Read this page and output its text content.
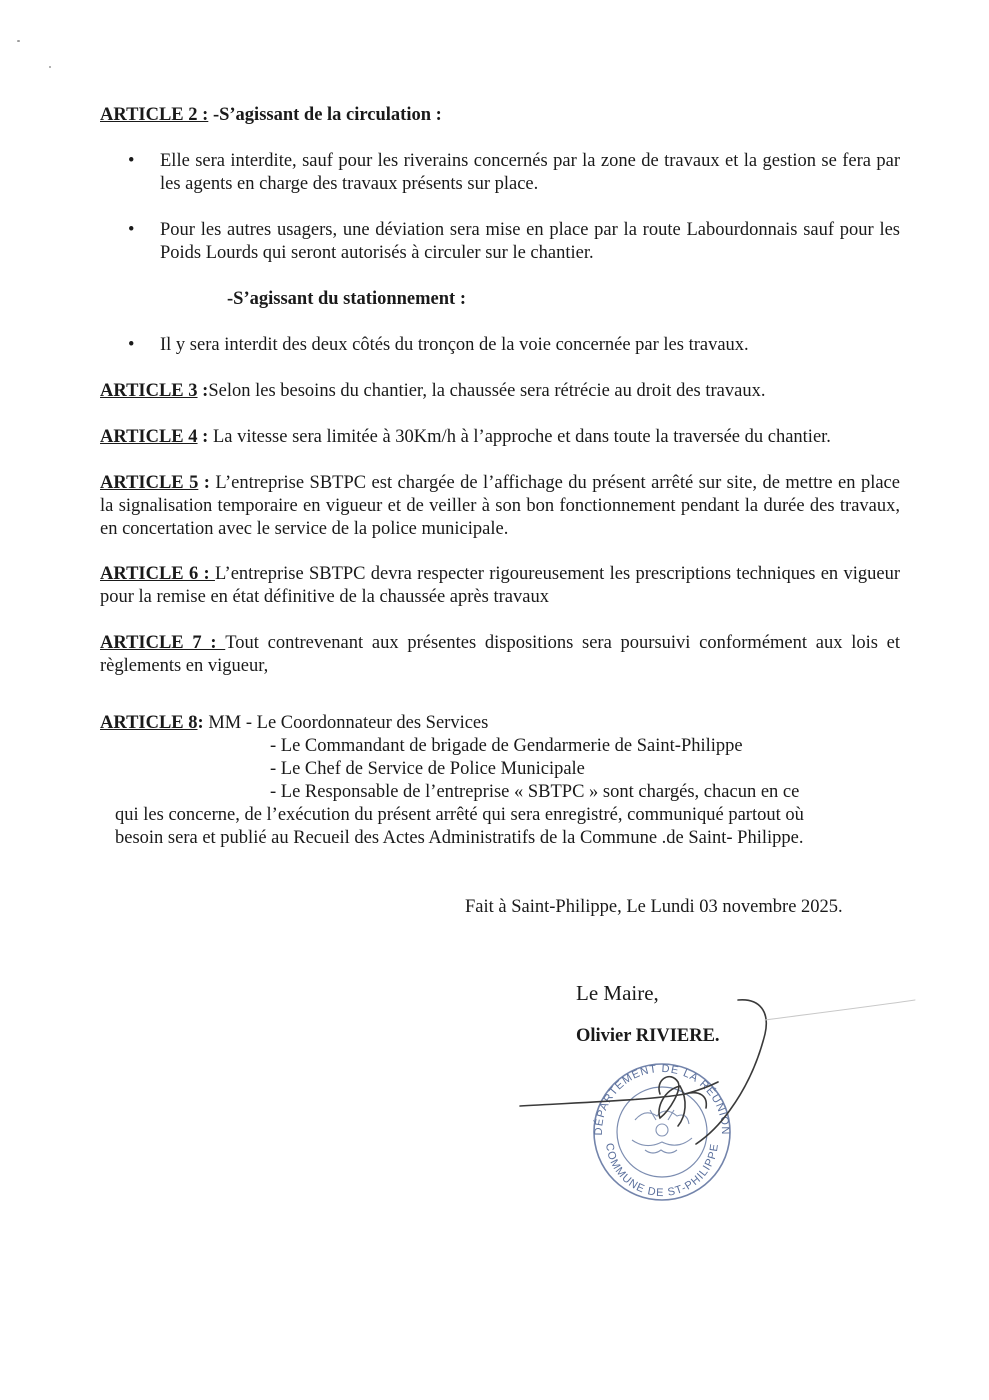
ARTICLE 2 : -S’agissant de la circulation :
• Elle sera interdite, sauf pour les riverains concernés par la zone de travaux et la gestion se fera par les agents en charge des travaux présents sur place.
• Pour les autres usagers, une déviation sera mise en place par la route Labourdonnais sauf pour les Poids Lourds qui seront autorisés à circuler sur le chantier.
-S’agissant du stationnement :
• Il y sera interdit des deux côtés du tronçon de la voie concernée par les travaux.
ARTICLE 3 :Selon les besoins du chantier, la chaussée sera rétrécie au droit des travaux.
ARTICLE 4 : La vitesse sera limitée à 30Km/h à l’approche et dans toute la traversée du chantier.
ARTICLE 5 : L’entreprise SBTPC est chargée de l’affichage du présent arrêté sur site, de mettre en place la signalisation temporaire en vigueur et de veiller à son bon fonctionnement pendant la durée des travaux, en concertation avec le service de la police municipale.
ARTICLE 6 : L’entreprise SBTPC devra respecter rigoureusement les prescriptions techniques en vigueur pour la remise en état définitive de la chaussée après travaux
ARTICLE 7 : Tout contrevenant aux présentes dispositions sera poursuivi conformément aux lois et règlements en vigueur,
ARTICLE 8: MM - Le Coordonnateur des Services
- Le Commandant de brigade de Gendarmerie de Saint-Philippe
- Le Chef de Service de Police Municipale
- Le Responsable de l’entreprise « SBTPC » sont chargés, chacun en ce
qui les concerne, de l’exécution du présent arrêté qui sera enregistré, communiqué partout où
besoin sera et publié au Recueil des Actes Administratifs de la Commune .de Saint- Philippe.
Fait à Saint-Philippe, Le Lundi 03 novembre 2025.
Le Maire,
Olivier RIVIERE.
DÉPARTEMENT DE LA RÉUNION
COMMUNE DE ST-PHILIPPE
